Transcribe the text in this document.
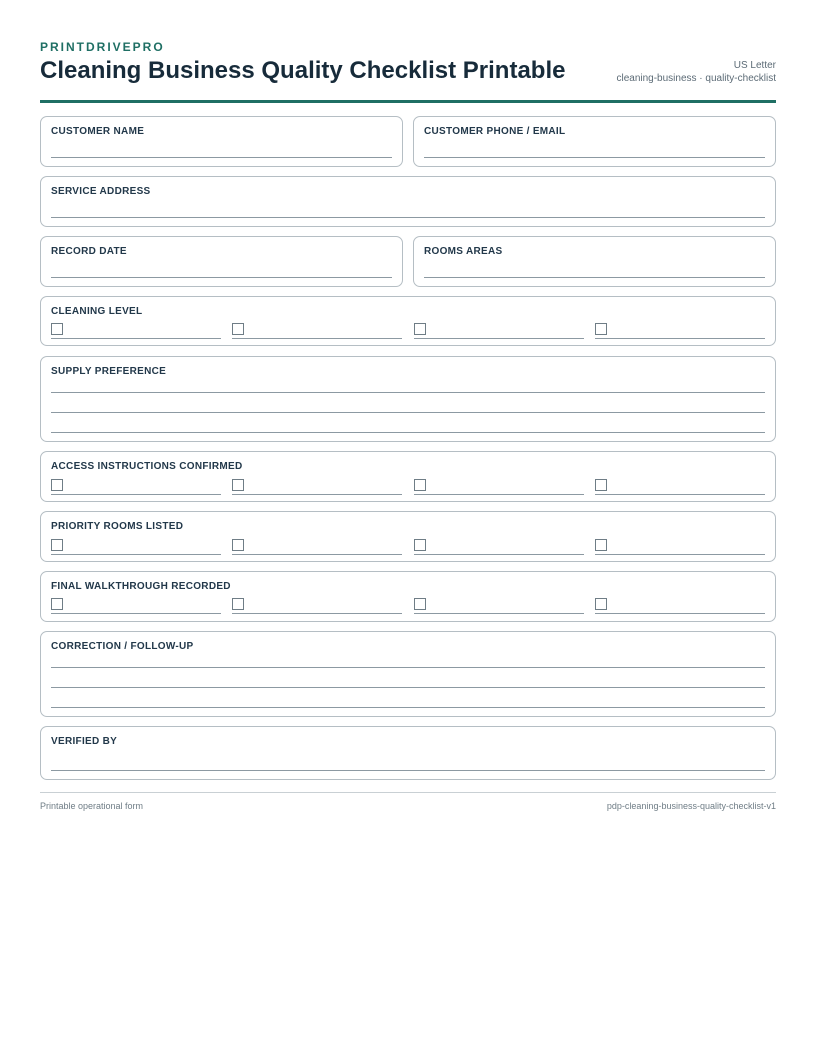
PRINTDRIVEPRO
Cleaning Business Quality Checklist Printable	US Letter
cleaning-business · quality-checklist
CUSTOMER NAME	CUSTOMER PHONE / EMAIL
SERVICE ADDRESS
RECORD DATE	ROOMS AREAS
CLEANING LEVEL
SUPPLY PREFERENCE
ACCESS INSTRUCTIONS CONFIRMED
PRIORITY ROOMS LISTED
FINAL WALKTHROUGH RECORDED
CORRECTION / FOLLOW-UP
VERIFIED BY
Printable operational form	pdp-cleaning-business-quality-checklist-v1
